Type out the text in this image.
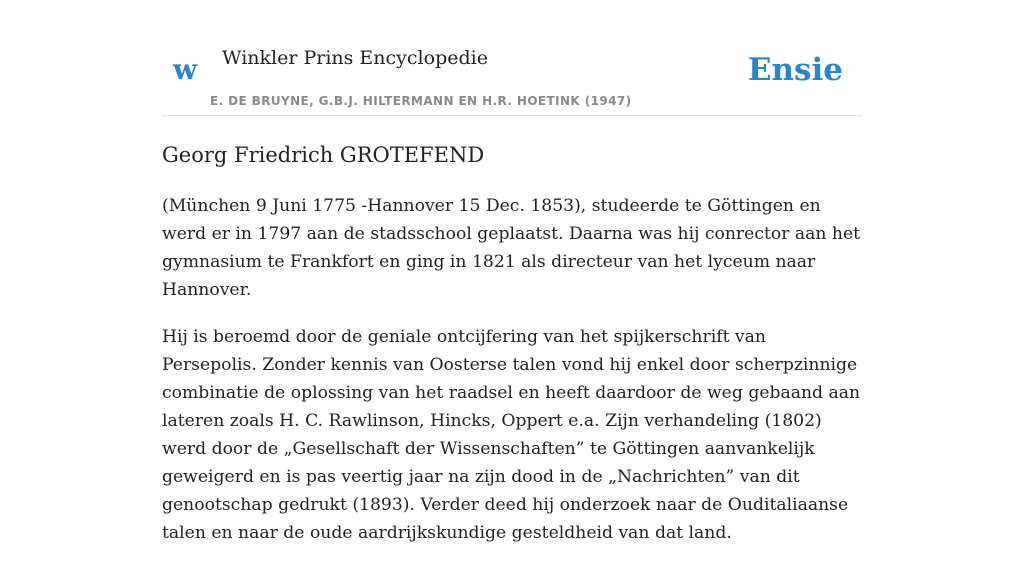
w Winkler Prins Encyclopedie
E. DE BRUYNE, G.B.J. HILTERMANN EN H.R. HOETINK (1947)
Ensie
Georg Friedrich GROTEFEND

(München 9 Juni 1775 -Hannover 15 Dec. 1853), studeerde te Göttingen en werd er in 1797 aan de stadsschool geplaatst. Daarna was hij conrector aan het gymnasium te Frankfort en ging in 1821 als directeur van het lyceum naar Hannover.

Hij is beroemd door de geniale ontcijfering van het spijkerschrift van Persepolis. Zonder kennis van Oosterse talen vond hij enkel door scherpzinnige combinatie de oplossing van het raadsel en heeft daardoor de weg gebaand aan lateren zoals H. C. Rawlinson, Hincks, Oppert e.a. Zijn verhandeling (1802) werd door de „Gesellschaft der Wissenschaften” te Göttingen aanvankelijk geweigerd en is pas veertig jaar na zijn dood in de „Nachrichten” van dit genootschap gedrukt (1893). Verder deed hij onderzoek naar de Ouditaliaanse talen en naar de oude aardrijkskundige gesteldheid van dat land.
